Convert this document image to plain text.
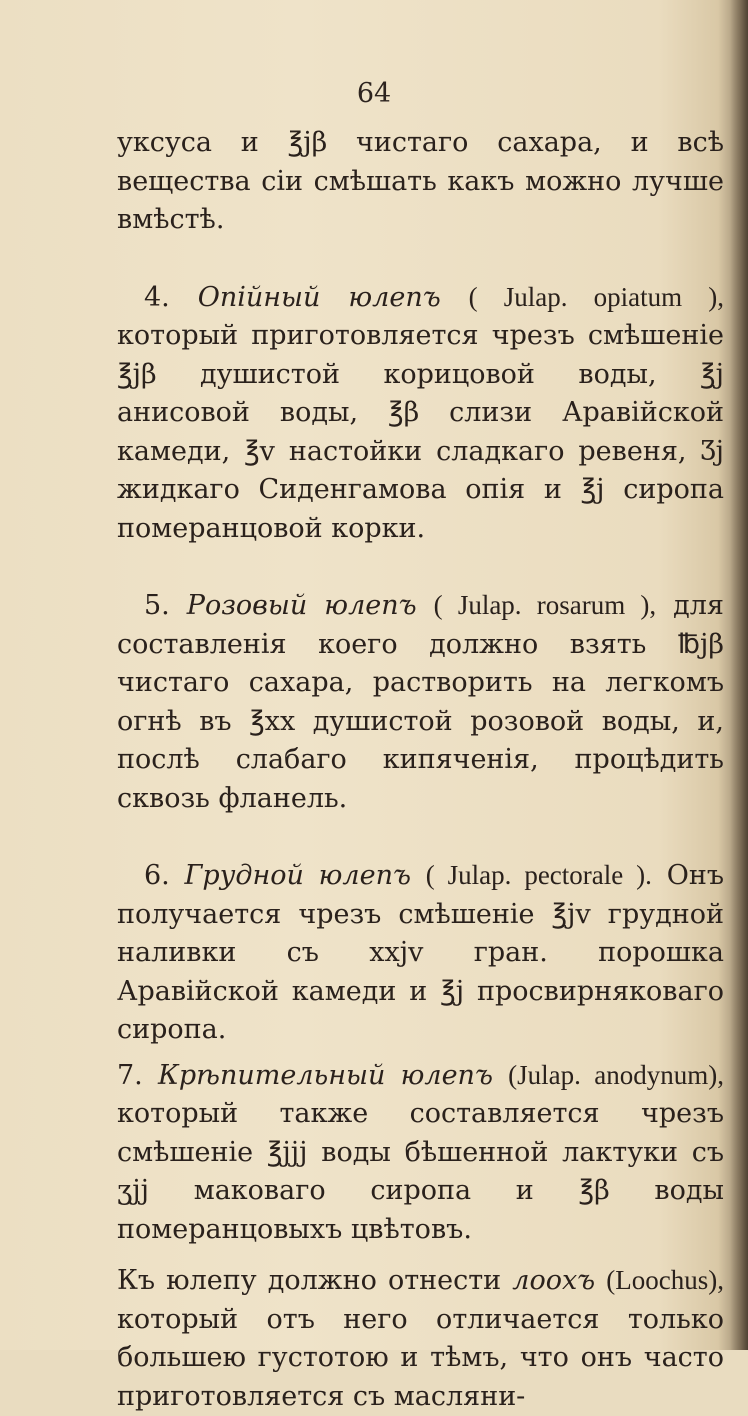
64

уксуса и ℥jβ чистаго сахара, и всѣ вещества сіи смѣшать какъ можно лучше вмѣстѣ.

4. Опійный юлепъ ( Julap. opiatum ), который приготовляется чрезъ смѣшеніе ℥jβ душистой корицовой воды, ℥j анисовой воды, ℥β слизи Аравійской камеди, ℥v настойки сладкаго ревеня, Ʒj жидкаго Сиденгамова опія и ℥j сиропа померанцовой корки.

5. Розовый юлепъ ( Julap. rosarum ), для составленія коего должно взять ℔jβ чистаго сахара, растворить на легкомъ огнѣ въ ℥xx душистой розовой воды, и, послѣ слабаго кипяченія, процѣдить сквозь фланель.

6. Грудной юлепъ ( Julap. pectorale ). Онъ получается чрезъ смѣшеніе ℥jv грудной наливки съ xxjv гран. порошка Аравійской камеди и ℥j просвирняковаго сиропа.

7. Крѣпительный юлепъ (Julap. anodynum), который также составляется чрезъ смѣшеніе ℥jjj воды бѣшенной лактуки съ ʒjj маковаго сиропа и ℥β воды померанцовыхъ цвѣтовъ.

Къ юлепу должно отнести лоохъ (Loochus), который отъ него отличается только большею густотою и тѣмъ, что онъ часто приготовляется съ масляни-
